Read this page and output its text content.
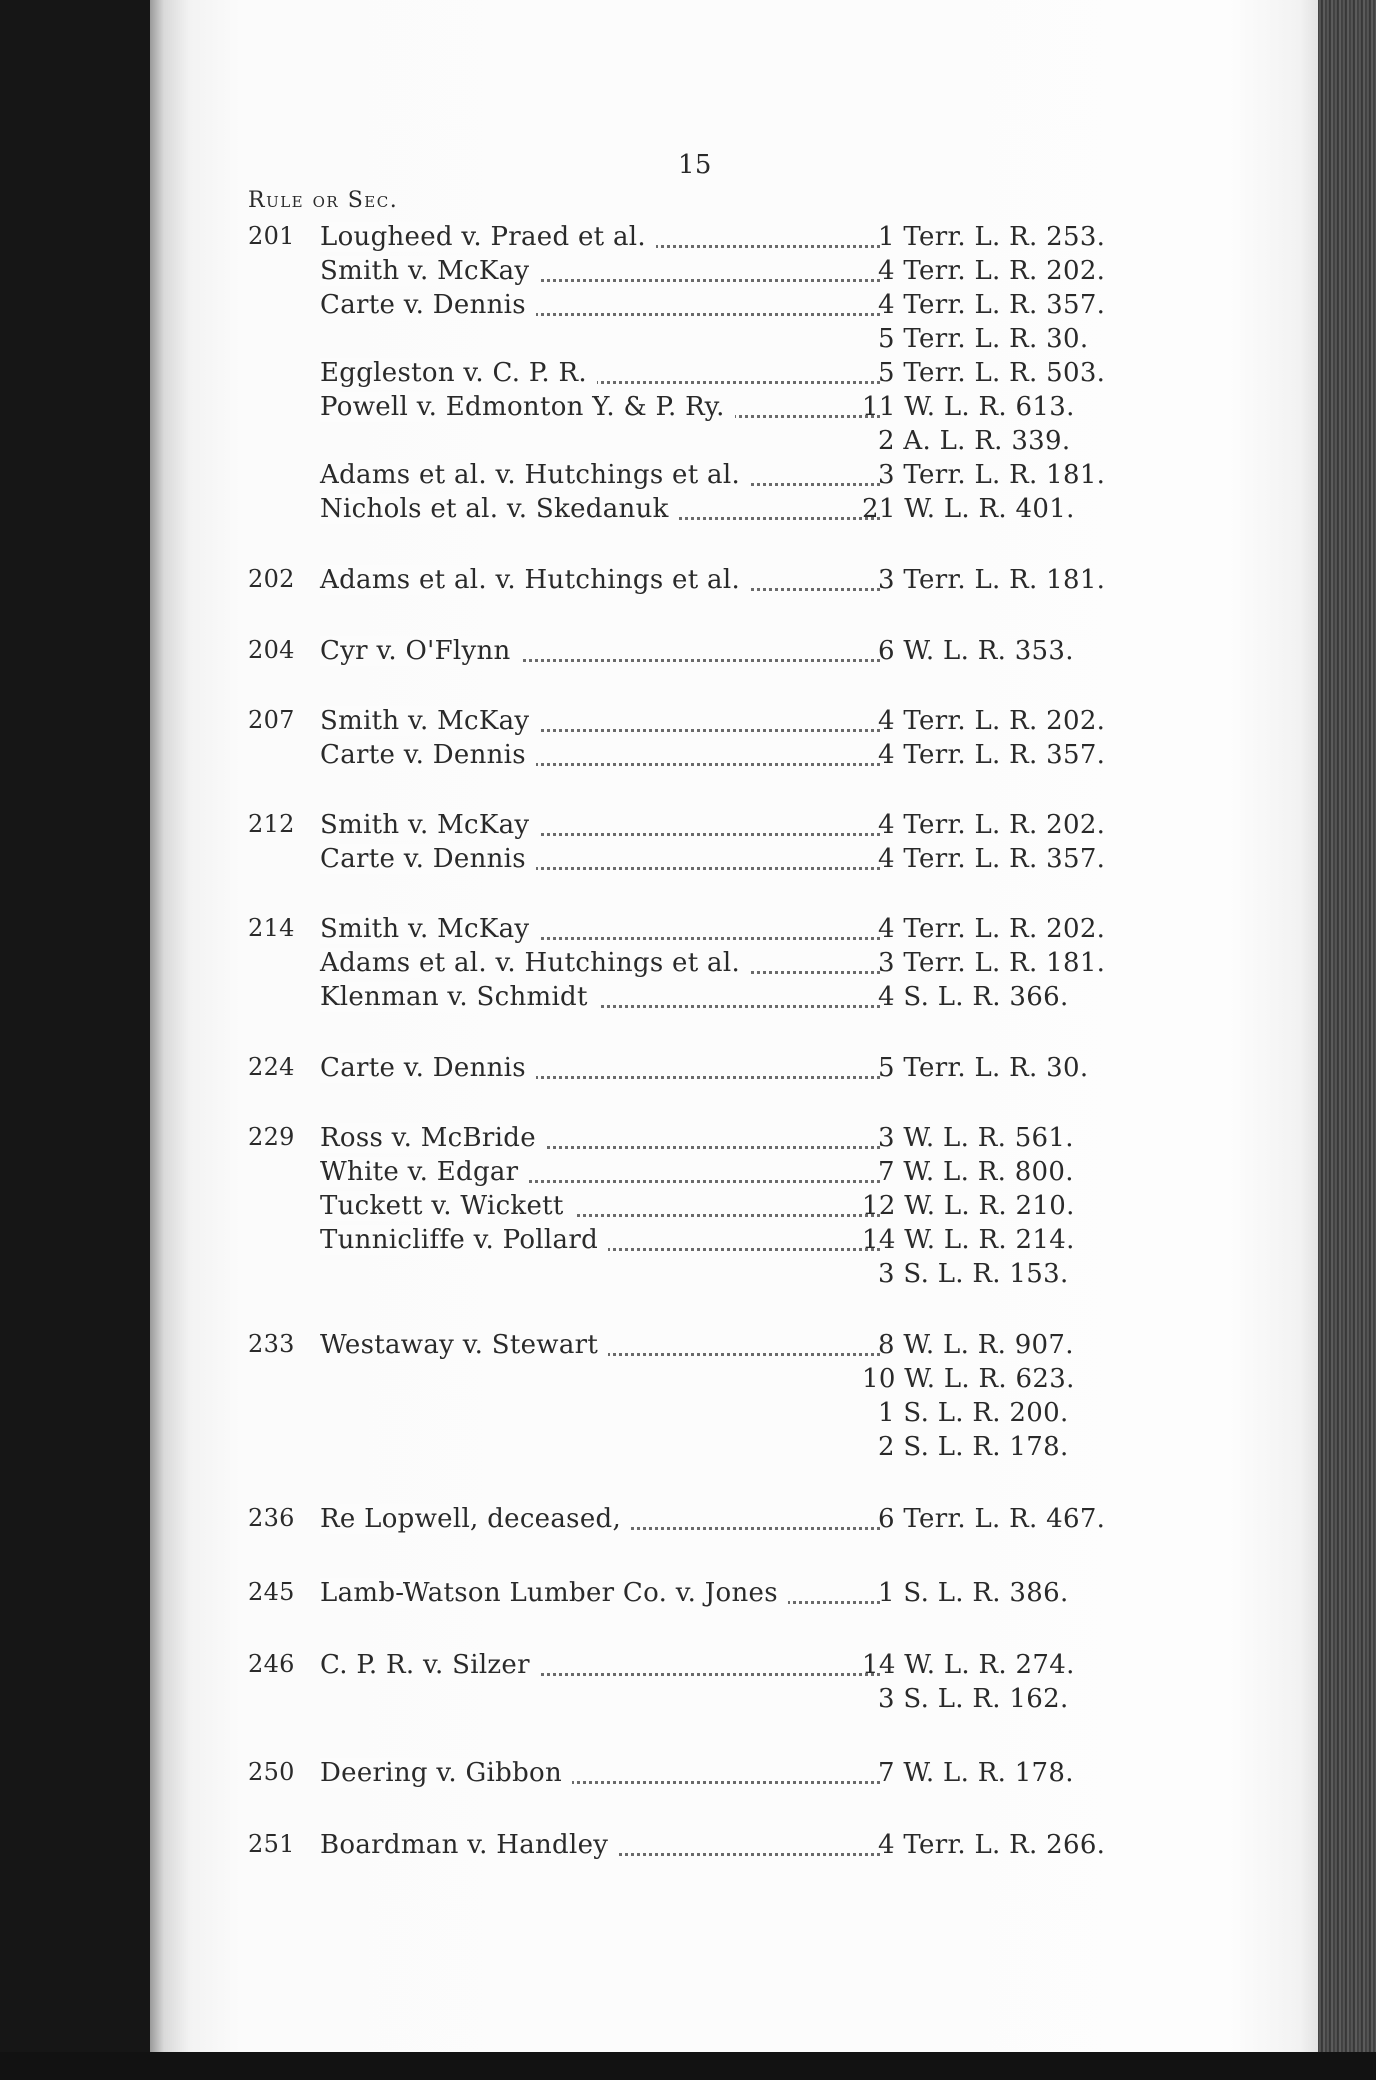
15
Rule or Sec.
201 Lougheed v. Praed et al.	1 Terr. L. R. 253.
Smith v. McKay	4 Terr. L. R. 202.
Carte v. Dennis	4 Terr. L. R. 357.
5 Terr. L. R. 30.
Eggleston v. C. P. R.	5 Terr. L. R. 503.
Powell v. Edmonton Y. & P. Ry.	11 W. L. R. 613.
2 A. L. R. 339.
Adams et al. v. Hutchings et al.	3 Terr. L. R. 181.
Nichols et al. v. Skedanuk	21 W. L. R. 401.
202 Adams et al. v. Hutchings et al.	3 Terr. L. R. 181.
204 Cyr v. O'Flynn	6 W. L. R. 353.
207 Smith v. McKay	4 Terr. L. R. 202.
Carte v. Dennis	4 Terr. L. R. 357.
212 Smith v. McKay	4 Terr. L. R. 202.
Carte v. Dennis	4 Terr. L. R. 357.
214 Smith v. McKay	4 Terr. L. R. 202.
Adams et al. v. Hutchings et al.	3 Terr. L. R. 181.
Klenman v. Schmidt	4 S. L. R. 366.
224 Carte v. Dennis	5 Terr. L. R. 30.
229 Ross v. McBride	3 W. L. R. 561.
White v. Edgar	7 W. L. R. 800.
Tuckett v. Wickett	12 W. L. R. 210.
Tunnicliffe v. Pollard	14 W. L. R. 214.
3 S. L. R. 153.
233 Westaway v. Stewart	8 W. L. R. 907.
10 W. L. R. 623.
1 S. L. R. 200.
2 S. L. R. 178.
236 Re Lopwell, deceased,	6 Terr. L. R. 467.
245 Lamb-Watson Lumber Co. v. Jones	1 S. L. R. 386.
246 C. P. R. v. Silzer	14 W. L. R. 274.
3 S. L. R. 162.
250 Deering v. Gibbon	7 W. L. R. 178.
251 Boardman v. Handley	4 Terr. L. R. 266.
